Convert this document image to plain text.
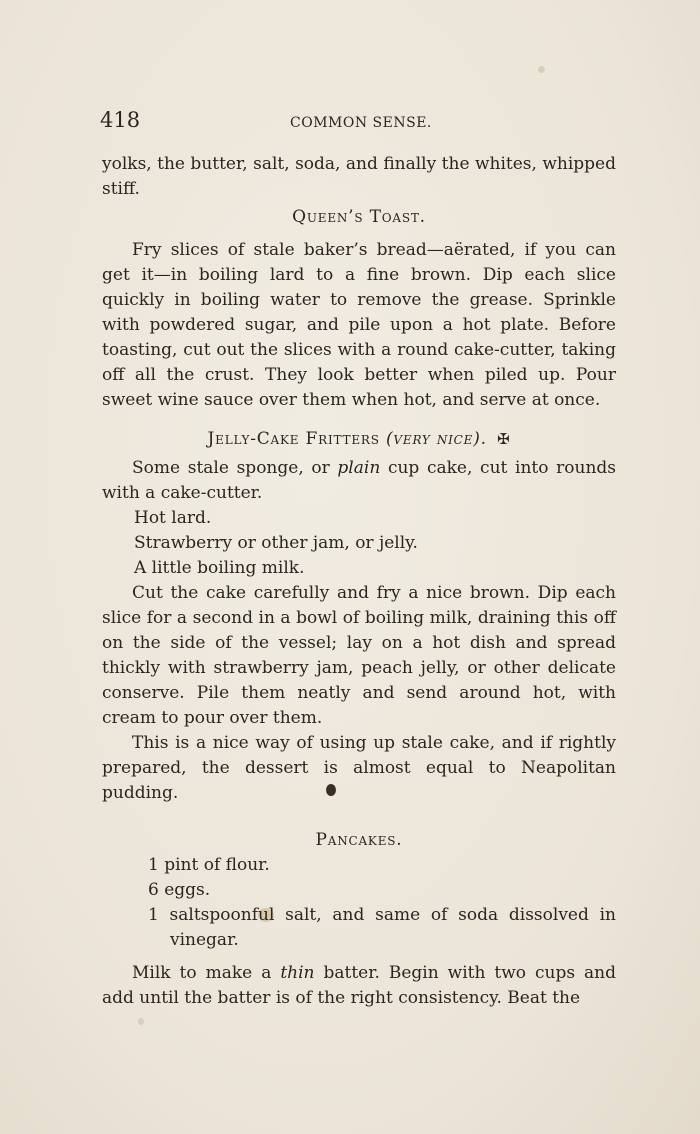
418	COMMON SENSE.

yolks, the butter, salt, soda, and finally the whites, whipped stiff.

Queen’s Toast.

Fry slices of stale baker’s bread—aërated, if you can get it—in boiling lard to a fine brown. Dip each slice quickly in boiling water to remove the grease. Sprinkle with powdered sugar, and pile upon a hot plate. Before toasting, cut out the slices with a round cake-cutter, taking off all the crust. They look better when piled up. Pour sweet wine sauce over them when hot, and serve at once.

Jelly-Cake Fritters (very nice). ✠

Some stale sponge, or plain cup cake, cut into rounds with a cake-cutter.

Hot lard.

Strawberry or other jam, or jelly.

A little boiling milk.

Cut the cake carefully and fry a nice brown. Dip each slice for a second in a bowl of boiling milk, draining this off on the side of the vessel; lay on a hot dish and spread thickly with strawberry jam, peach jelly, or other delicate conserve. Pile them neatly and send around hot, with cream to pour over them.

This is a nice way of using up stale cake, and if rightly prepared, the dessert is almost equal to Neapolitan pudding.

Pancakes.

1 pint of flour.

6 eggs.

1 saltspoonful salt, and same of soda dissolved in vinegar.

Milk to make a thin batter. Begin with two cups and add until the batter is of the right consistency. Beat the
